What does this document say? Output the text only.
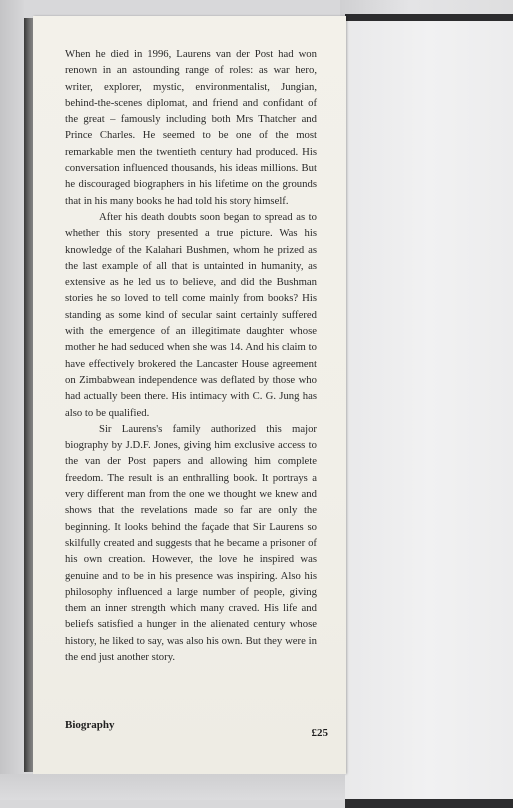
When he died in 1996, Laurens van der Post had won renown in an astounding range of roles: as war hero, writer, explorer, mystic, environmentalist, Jungian, behind-the-scenes diplomat, and friend and confidant of the great – famously including both Mrs Thatcher and Prince Charles. He seemed to be one of the most remarkable men the twentieth century had produced. His conversation influenced thousands, his ideas millions. But he discouraged biographers in his lifetime on the grounds that in his many books he had told his story himself.

After his death doubts soon began to spread as to whether this story presented a true picture. Was his knowledge of the Kalahari Bushmen, whom he prized as the last example of all that is untainted in humanity, as extensive as he led us to believe, and did the Bushman stories he so loved to tell come mainly from books? His standing as some kind of secular saint certainly suffered with the emergence of an illegitimate daughter whose mother he had seduced when she was 14. And his claim to have effectively brokered the Lancaster House agreement on Zimbabwean independence was deflated by those who had actually been there. His intimacy with C. G. Jung has also to be qualified.

Sir Laurens's family authorized this major biography by J.D.F. Jones, giving him exclusive access to the van der Post papers and allowing him complete freedom. The result is an enthralling book. It portrays a very different man from the one we thought we knew and shows that the revelations made so far are only the beginning. It looks behind the façade that Sir Laurens so skilfully created and suggests that he became a prisoner of his own creation. However, the love he inspired was genuine and to be in his presence was inspiring. Also his philosophy influenced a large number of people, giving them an inner strength which many craved. His life and beliefs satisfied a hunger in the alienated century whose history, he liked to say, was also his own. But they were in the end just another story.

Biography
£25
